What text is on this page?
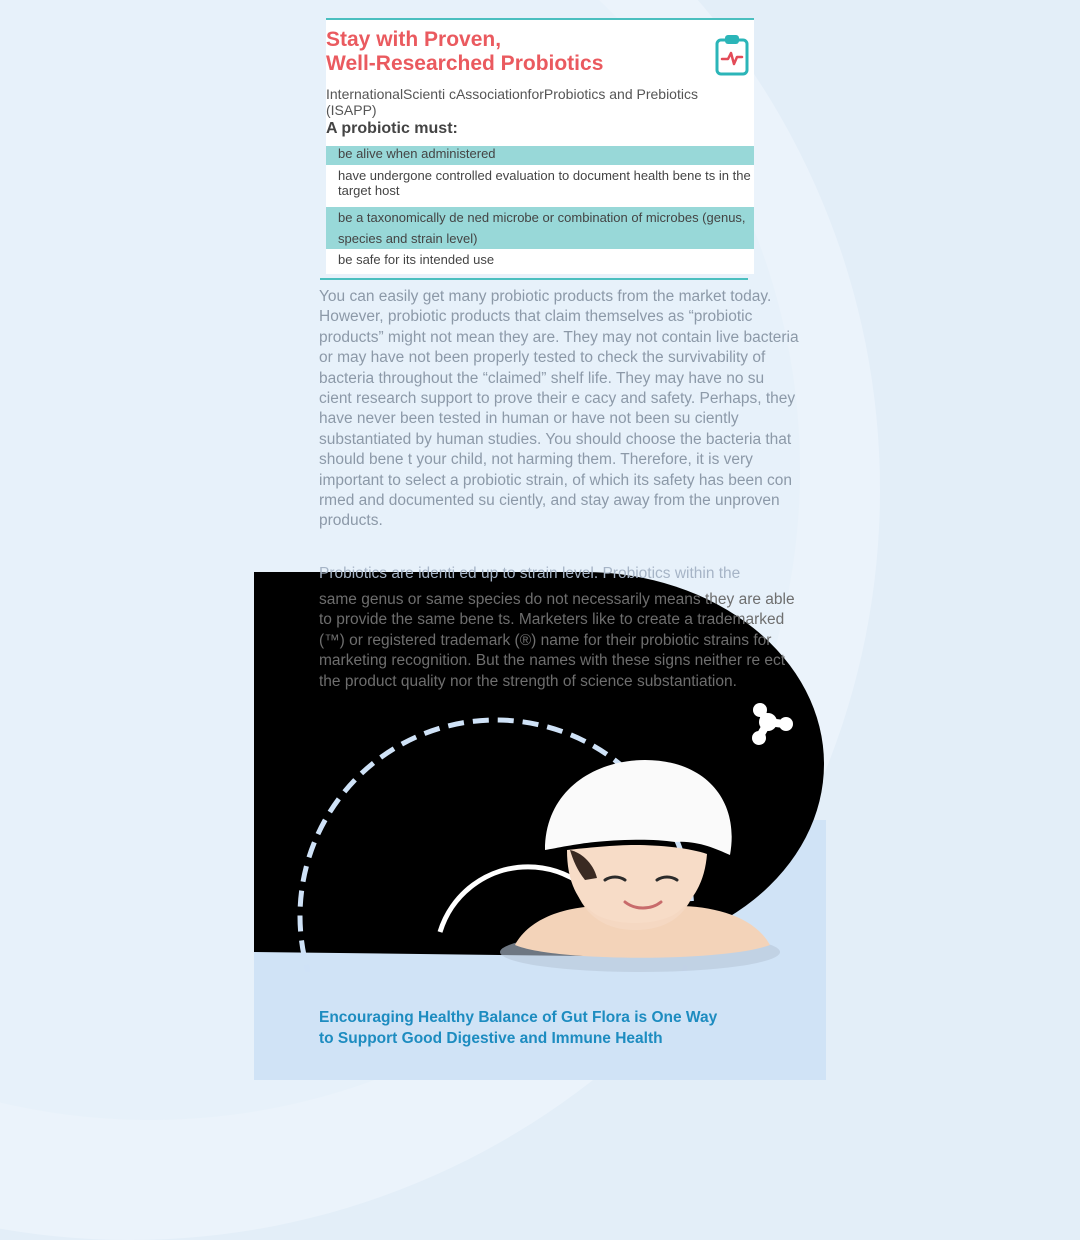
Stay with Proven,
Well-Researched Probiotics
InternationalScienti cAssociationforProbiotics and Prebiotics (ISAPP)
A probiotic must:
be alive when administered
have undergone controlled evaluation to document health bene ts in the target host
be a taxonomically de ned microbe or combination of microbes (genus, species and strain level)
be safe for its intended use

You can easily get many probiotic products from the market today. However, probiotic products that claim themselves as “probiotic products” might not mean they are. They may not contain live bacteria or may have not been properly tested to check the survivability of bacteria throughout the “claimed” shelf life. They may have no su cient research support to prove their e cacy and safety. Perhaps, they have never been tested in human or have not been su ciently substantiated by human studies. You should choose the bacteria that should bene t your child, not harming them. Therefore, it is very important to select a probiotic strain, of which its safety has been con rmed and documented su ciently, and stay away from the unproven products.

Probiotics are identi ed up to strain level. Probiotics within the

same genus or same species do not necessarily means they are able to provide the same bene ts. Marketers like to create a trademarked (™) or registered trademark (®) name for their probiotic strains for marketing recognition. But the names with these signs neither re ect the product quality nor the strength of science substantiation.

Encouraging Healthy Balance of Gut Flora is One Way
to Support Good Digestive and Immune Health
